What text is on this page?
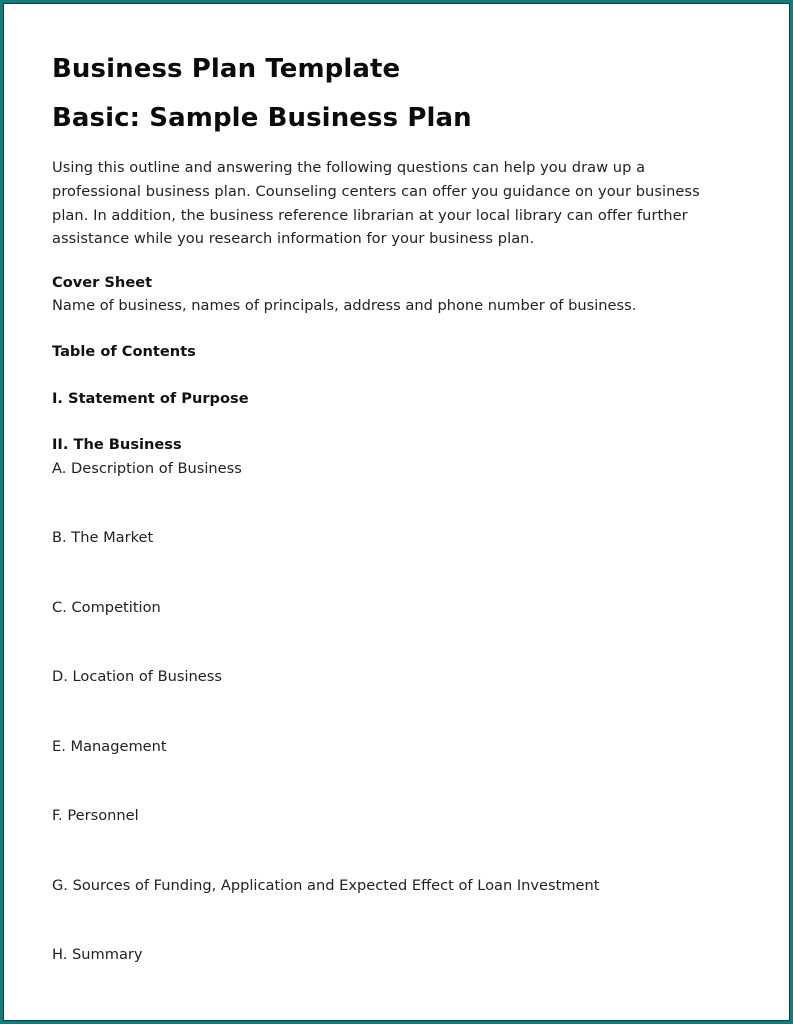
Business Plan Template
Basic: Sample Business Plan

Using this outline and answering the following questions can help you draw up a
professional business plan. Counseling centers can offer you guidance on your business
plan. In addition, the business reference librarian at your local library can offer further
assistance while you research information for your business plan.

Cover Sheet
Name of business, names of principals, address and phone number of business.
Table of Contents
I. Statement of Purpose
II. The Business
A. Description of Business
B. The Market
C. Competition
D. Location of Business
E. Management
F. Personnel
G. Sources of Funding, Application and Expected Effect of Loan Investment
H. Summary
